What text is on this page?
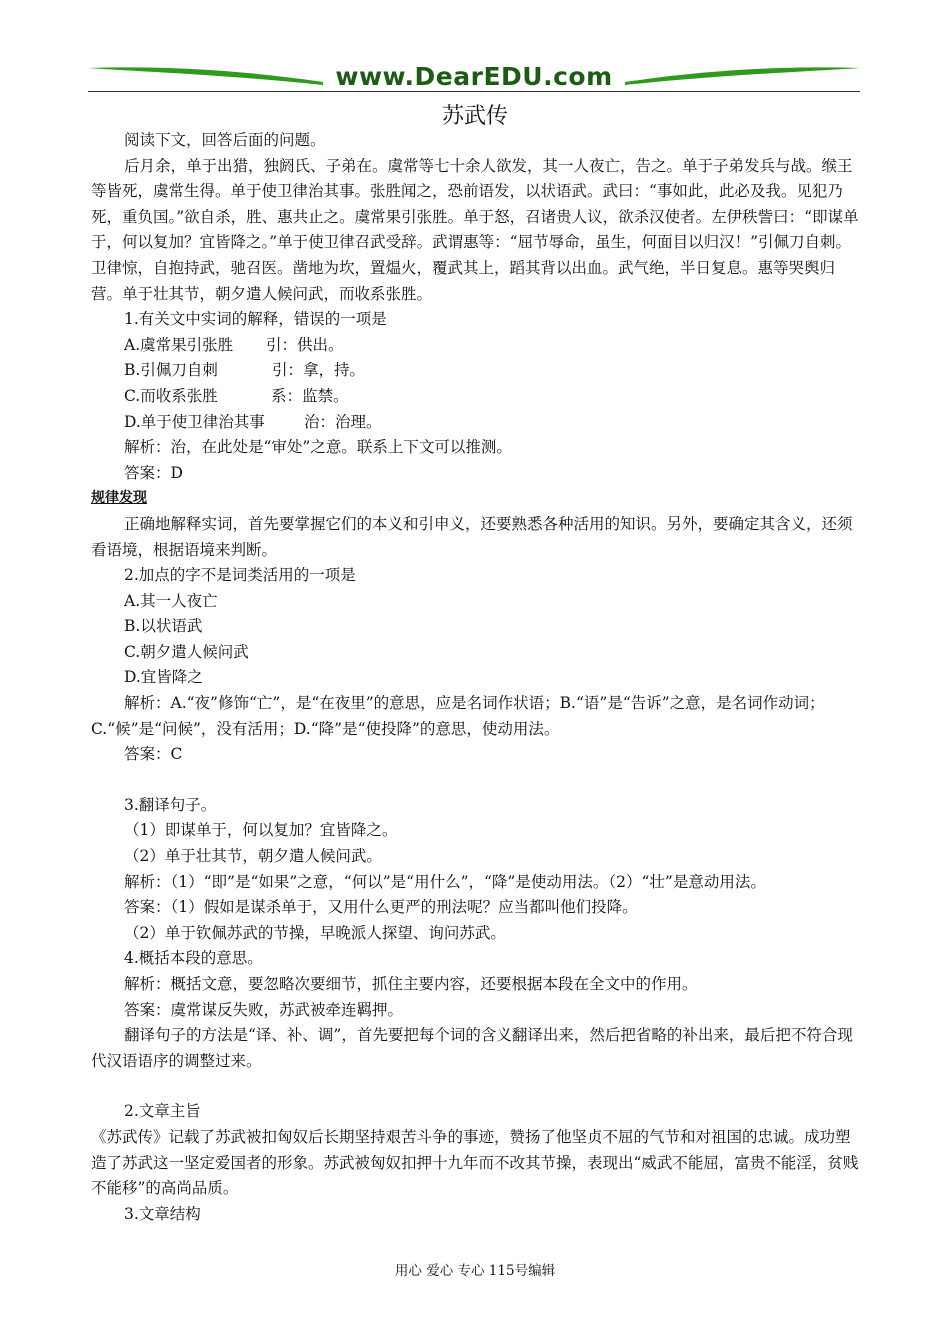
www.DearEDU.com
苏武传

阅读下文，回答后面的问题。

后月余，单于出猎，独阏氏、子弟在。虞常等七十余人欲发，其一人夜亡，告之。单于子弟发兵与战。缑王等皆死，虞常生得。单于使卫律治其事。张胜闻之，恐前语发，以状语武。武曰：“事如此，此必及我。见犯乃死，重负国。”欲自杀，胜、惠共止之。虞常果引张胜。单于怒，召诸贵人议，欲杀汉使者。左伊秩訾曰：“即谋单于，何以复加？宜皆降之。”单于使卫律召武受辞。武谓惠等：“屈节辱命，虽生，何面目以归汉！”引佩刀自刺。卫律惊，自抱持武，驰召医。凿地为坎，置煴火，覆武其上，蹈其背以出血。武气绝，半日复息。惠等哭舆归营。单于壮其节，朝夕遣人候问武，而收系张胜。

1.有关文中实词的解释，错误的一项是

A.虞常果引张胜	引：供出。
B.引佩刀自刺	引：拿，持。
C.而收系张胜	系：监禁。
D.单于使卫律治其事	治：治理。

解析：治，在此处是“审处”之意。联系上下文可以推测。

答案：D

规律发现

正确地解释实词，首先要掌握它们的本义和引申义，还要熟悉各种活用的知识。另外，要确定其含义，还须看语境，根据语境来判断。

2.加点的字不是词类活用的一项是

A.其一人夜亡

B.以状语武

C.朝夕遣人候问武

D.宜皆降之

解析：A.“夜”修饰“亡”，是“在夜里”的意思，应是名词作状语；B.“语”是“告诉”之意，是名词作动词；C.“候”是“问候”，没有活用；D.“降”是“使投降”的意思，使动用法。

答案：C

3.翻译句子。

（1）即谋单于，何以复加？宜皆降之。

（2）单于壮其节，朝夕遣人候问武。

解析：（1）“即”是“如果”之意，“何以”是“用什么”，“降”是使动用法。（2）“壮”是意动用法。

答案：（1）假如是谋杀单于，又用什么更严的刑法呢？应当都叫他们投降。

（2）单于钦佩苏武的节操，早晚派人探望、询问苏武。

4.概括本段的意思。

解析：概括文意，要忽略次要细节，抓住主要内容，还要根据本段在全文中的作用。

答案：虞常谋反失败，苏武被牵连羁押。

翻译句子的方法是“译、补、调”，首先要把每个词的含义翻译出来，然后把省略的补出来，最后把不符合现代汉语语序的调整过来。

2.文章主旨

《苏武传》记载了苏武被扣匈奴后长期坚持艰苦斗争的事迹，赞扬了他坚贞不屈的气节和对祖国的忠诚。成功塑造了苏武这一坚定爱国者的形象。苏武被匈奴扣押十九年而不改其节操，表现出“威武不能屈，富贵不能淫，贫贱不能移”的高尚品质。

3.文章结构

用心 爱心 专心 115号编辑
